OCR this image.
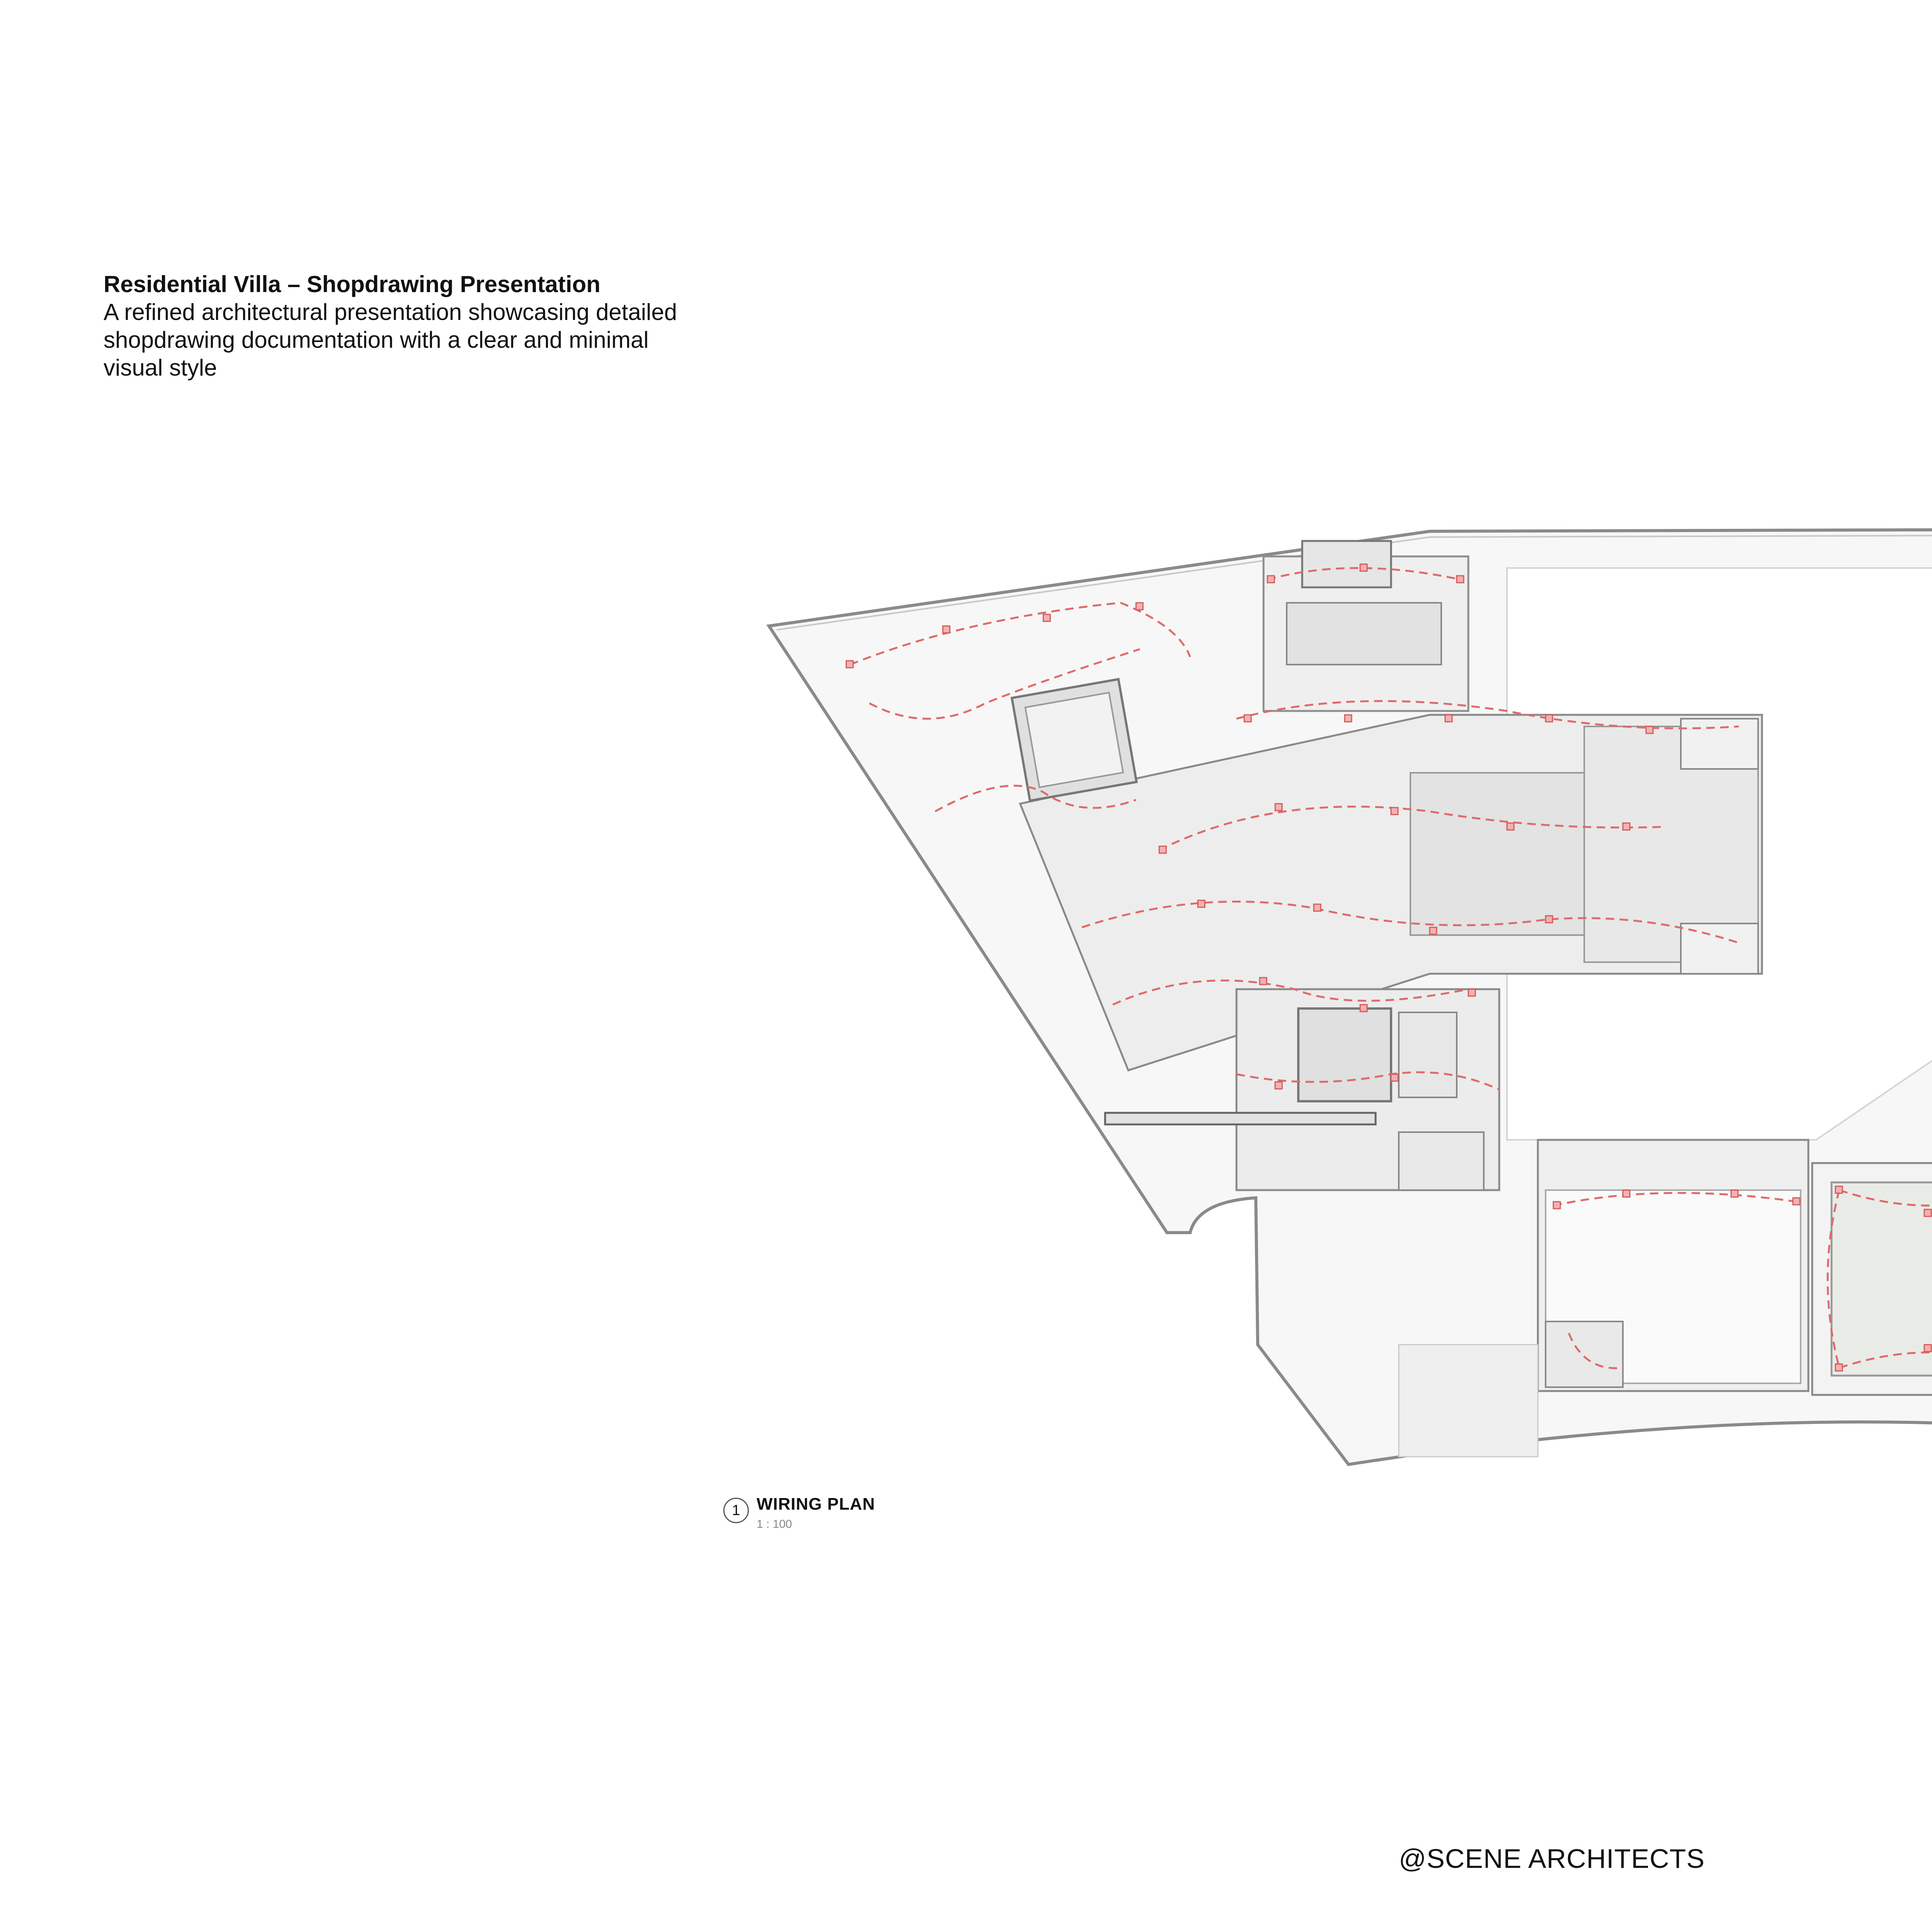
Residential Villa – Shopdrawing Presentation
A refined architectural presentation showcasing detailed shopdrawing documentation with a clear and minimal visual style
1 WIRING PLAN
1 : 100
@SCENE ARCHITECTS
